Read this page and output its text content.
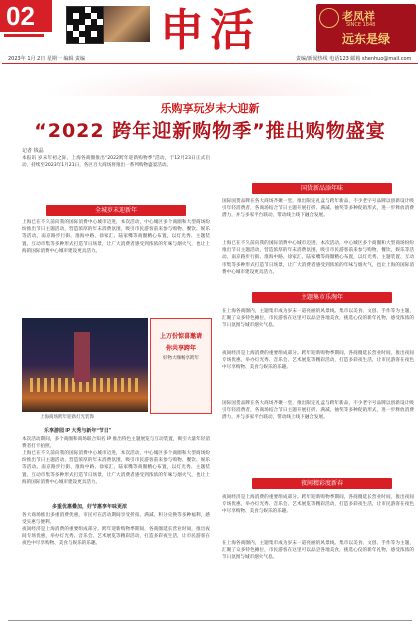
02	申活	老凤祥
SINCE 1848
远东是绿
2023年 1月 2日 星期一 编辑 责编	责编/新闻热线 电话123 邮箱 shenhuo@mail.com
乐购享玩岁末大迎新
“2022 跨年迎新购物季”推出购物盛宴
记者 钱晶
本报讯 岁末年初之际，上海各商圈推出“2022跨年迎新购物季”活动，于12月23日正式启动，持续至2023年1月21日，各区百大商场将推出一系列购物盛宴活动。
全城岁末迎新年
上海已在不久前向我的国际消费中心城市迈进，本次活动，中心城区多个商圈和大型商场纷纷推出节日主题活动，营造浓厚的年末消费氛围，吸引市民游客前来参与购物、餐饮、娱乐等活动。南京路步行街、淮海中路、徐家汇、陆家嘴等商圈精心布置，以灯光秀、主题装置、互动市集等多种形式打造节日场景，让广大消费者感受到浓浓的年味与烟火气，也让上海的国际消费中心城市建设更具活力。
上万份惊喜邀请
你共享跨年
好物大咖畅享跨年
上海商场跨年迎新灯光装饰
乐享游园 IP 大秀与新年“节日”
本次活动期间，多个商圈和商场联合知名 IP 推出特色主题展览与互动装置，吸引大量年轻消费者打卡拍照。
上海已在不久前向我的国际消费中心城市迈进，本次活动，中心城区多个商圈和大型商场纷纷推出节日主题活动，营造浓厚的年末消费氛围，吸引市民游客前来参与购物、餐饮、娱乐等活动。南京路步行街、淮海中路、徐家汇、陆家嘴等商圈精心布置，以灯光秀、主题装置、互动市集等多种形式打造节日场景，让广大消费者感受到浓浓的年味与烟火气，也让上海的国际消费中心城市建设更具活力。
多重优惠叠加，好节惠享年味更浓
各大商场推出多重消费优惠，市民可在活动期间享受折扣、满减、积分兑换等多种福利，感受实惠与便利。
夜间经济是上海消费的重要组成部分。跨年迎新购物季期间，各商圈延长营业时间，推出夜间专场优惠，举办灯光秀、音乐会、艺术展览等精彩活动，打造多彩夜生活，让市民游客在夜色中尽享购物、美食与娱乐的乐趣。
国货新品添年味
国际国货品牌在各大商场齐聚一堂，推出限定礼盒与跨年新品，不少老字号品牌以创新设计吸引年轻消费者，各商场结合节日主题开展打折、满减、抽奖等多种促销形式，进一步释放消费潜力，并与多家平台联动，带动线上线下融合发展。
上海已在不久前向我的国际消费中心城市迈进，本次活动，中心城区多个商圈和大型商场纷纷推出节日主题活动，营造浓厚的年末消费氛围，吸引市民游客前来参与购物、餐饮、娱乐等活动。南京路步行街、淮海中路、徐家汇、陆家嘴等商圈精心布置，以灯光秀、主题装置、互动市集等多种形式打造节日场景，让广大消费者感受到浓浓的年味与烟火气，也让上海的国际消费中心城市建设更具活力。
主题集市乐淘年
在上海各商圈内，主题集市成为岁末一道亮丽的风景线。集市以美食、文创、手作等为主题，汇聚了众多特色摊位，市民游客在这里可以品尝各地美食，挑选心仪的新年礼物，感受浓浓的节日氛围与城市烟火气息。
夜间经济是上海消费的重要组成部分。跨年迎新购物季期间，各商圈延长营业时间，推出夜间专场优惠，举办灯光秀、音乐会、艺术展览等精彩活动，打造多彩夜生活，让市民游客在夜色中尽享购物、美食与娱乐的乐趣。
国际国货品牌在各大商场齐聚一堂，推出限定礼盒与跨年新品，不少老字号品牌以创新设计吸引年轻消费者，各商场结合节日主题开展打折、满减、抽奖等多种促销形式，进一步释放消费潜力，并与多家平台联动，带动线上线下融合发展。
夜间精彩度新春
夜间经济是上海消费的重要组成部分。跨年迎新购物季期间，各商圈延长营业时间，推出夜间专场优惠，举办灯光秀、音乐会、艺术展览等精彩活动，打造多彩夜生活，让市民游客在夜色中尽享购物、美食与娱乐的乐趣。
在上海各商圈内，主题集市成为岁末一道亮丽的风景线。集市以美食、文创、手作等为主题，汇聚了众多特色摊位，市民游客在这里可以品尝各地美食，挑选心仪的新年礼物，感受浓浓的节日氛围与城市烟火气息。
